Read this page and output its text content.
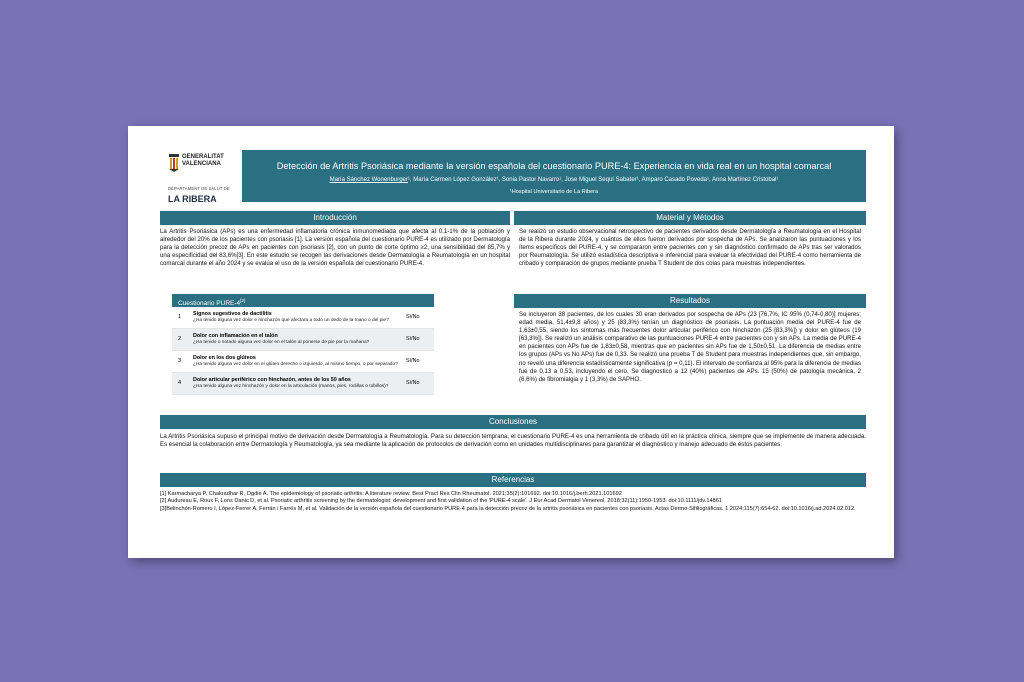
GENERALITAT
VALENCIANA
DEPARTAMENT DE SALUT DE
LA RIBERA
Detección de Artritis Psoriásica mediante la versión española del cuestionario PURE-4: Experiencia en vida real en un hospital comarcal
María Sánchez Wonenburger¹, María Carmen López González¹, Sonia Pastor Navarro¹, Jose Miguel Sequí Sabater¹, Amparo Casado Poveda¹, Anna Martínez Cristobal¹
¹Hospital Universitario de La Ribera
Introducción

La Artritis Psoriásica (APs) es una enfermedad inflamatoria crónica inmunomediada que afecta al 0,1-1% de la población y alrededor del 20% de los pacientes con psoriasis [1]. La versión española del cuestionario PURE-4 es utilizado por Dermatología para la detección precoz de APs en pacientes con psoriasis [2], con un punto de corte óptimo ≥2, una sensibilidad del 85,7% y una especificidad del 83,6%[3]. En este estudio se recogen las derivaciones desde Dermatología a Reumatología en un hospital comarcal durante el año 2024 y se evalúa el uso de la versión española del cuestionario PURE-4.

Material y Métodos

Se realizó un estudio observacional retrospectivo de pacientes derivados desde Dermatología a Reumatología en el Hospital de la Ribera durante 2024, y cuántos de ellos fueron derivados por sospecha de APs. Se analizaron las puntuaciones y los ítems específicos del PURE-4, y se compararon entre pacientes con y sin diagnóstico confirmado de APs tras ser valorados por Reumatología. Se utilizó estadística descriptiva e inferencial para evaluar la efectividad del PURE-4 como herramienta de cribado y comparación de grupos mediante prueba T Student de dos colas para muestras independientes.

Cuestionario PURE-4[2]
1 Signos sugestivos de dactilitis
¿Ha tenido alguna vez dolor e hinchazón que afectara a todo un dedo de la mano o del pie?
Sí/No
2 Dolor con inflamación en el talón
¿Ha tenido o notado alguna vez dolor en el talón al ponerse de pie por la mañana?
Sí/No
3 Dolor en los dos glúteos
¿Ha tenido alguna vez dolor en el glúteo derecho o izquierdo, al mismo tiempo, o por separado?
Sí/No
4 Dolor articular periférico con hinchazón, antes de los 50 años
¿Ha tenido alguna vez hinchazón y dolor en la articulación (manos, pies, rodillas o tobillos)?
Sí/No
Resultados

Se incluyeron 38 pacientes, de los cuales 30 eran derivados por sospecha de APs (23 [76,7%, IC 95% (0,74-0,80)] mujeres; edad media, 51,4±9,8 años) y 25 (83,3%) tenían un diagnóstico de psoriasis. La puntuación media del PURE-4 fue de 1,63±0,55, siendo los síntomas más frecuentes dolor articular periférico con hinchazón (25 [83,3%]) y dolor en glúteos (19 [63,3%]). Se realizó un análisis comparativo de las puntuaciones PURE-4 entre pacientes con y sin APs. La media de PURE-4 en pacientes con APs fue de 1,83±0,58, mientras que en pacientes sin APs fue de 1,50±0,51. La diferencia de medias entre los grupos (APs vs No APs) fue de 0,33. Se realizó una prueba T de Student para muestras independientes que, sin embargo, no reveló una diferencia estadísticamente significativa (p = 0,11). El intervalo de confianza al 95% para la diferencia de medias fue de 0,13 a 0,53, incluyendo el cero. Se diagnosticó a 12 (40%) pacientes de APs. 15 (50%) de patología mecánica, 2 (6,6%) de fibromialgia y 1 (3,3%) de SAPHO.

Conclusiones

La Artritis Psoriásica supuso el principal motivo de derivación desde Dermatología a Reumatología. Para su detección temprana, el cuestionario PURE-4 es una herramienta de cribado útil en la práctica clínica, siempre que se implemente de manera adecuada. Es esencial la colaboración entre Dermatología y Reumatología, ya sea mediante la aplicación de protocolos de derivación como en unidades multidisciplinares para garantizar el diagnóstico y manejo adecuado de estos pacientes.

Referencias
[1] Karmacharya P, Chakradhar R, Ogdie A. The epidemiology of psoriatic arthritis: A literature review. Best Pract Res Clin Rheumatol. 2021;35(2):101692. doi:10.1016/j.berh.2021.101692
[2] Audureau E, Roux F, Lons Danic D, et al. Psoriatic arthritis screening by the dermatologist: development and first validation of the 'PURE-4 scale'. J Eur Acad Dermatol Venereol. 2018;32(11):1950-1953. doi:10.1111/jdv.14861
[3]Belinchón-Romero I, López-Ferrer A, Ferrán i Farrés M, et al. Validación de la versión española del cuestionario PURE-4 para la detección precoz de la artritis psoriásica en pacientes con psoriasis. Actas Dermo-Sifiliográficas. 1 2024;115(7):654-62. doi:10.1016/j.ad.2024.02.012.
